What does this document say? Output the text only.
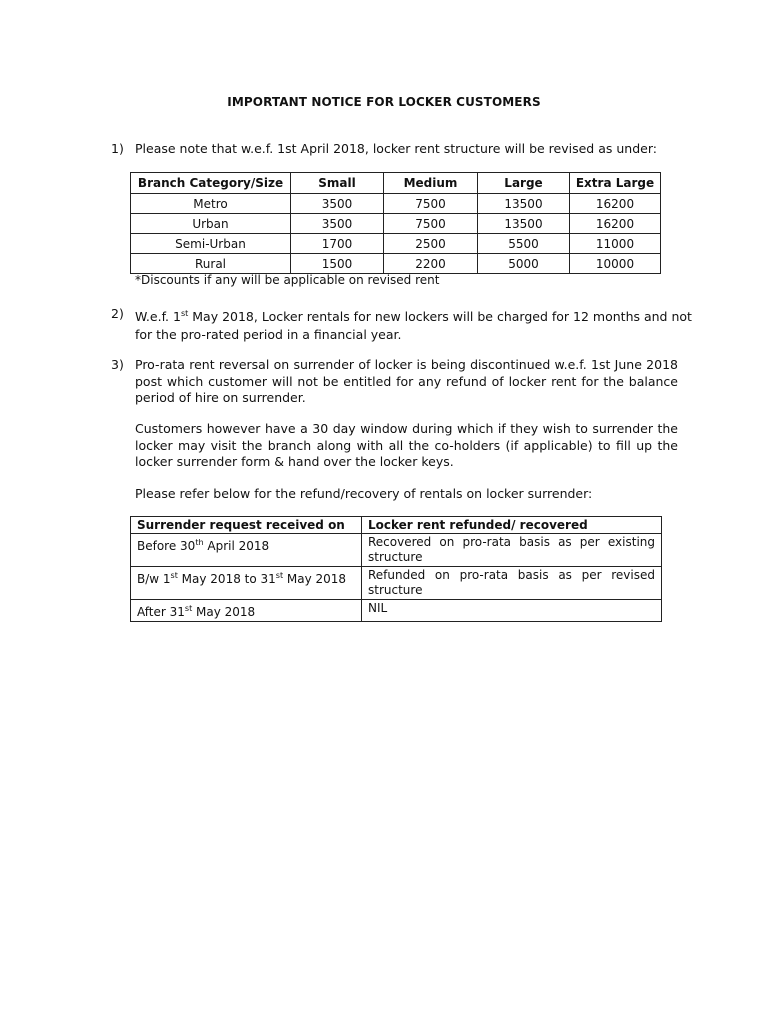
IMPORTANT NOTICE FOR LOCKER CUSTOMERS
1) Please note that w.e.f. 1st April 2018, locker rent structure will be revised as under:
Branch Category/Size	Small	Medium	Large	Extra Large
Metro	3500	7500	13500	16200
Urban	3500	7500	13500	16200
Semi-Urban	1700	2500	5500	11000
Rural	1500	2200	5000	10000
*Discounts if any will be applicable on revised rent
2) W.e.f. 1st May 2018, Locker rentals for new lockers will be charged for 12 months and not
for the pro-rated period in a financial year.
3) Pro-rata rent reversal on surrender of locker is being discontinued w.e.f. 1st June 2018 post which customer will not be entitled for any refund of locker rent for the balance period of hire on surrender.
Customers however have a 30 day window during which if they wish to surrender the locker may visit the branch along with all the co-holders (if applicable) to fill up the locker surrender form & hand over the locker keys.
Please refer below for the refund/recovery of rentals on locker surrender:
Surrender request received on	Locker rent refunded/ recovered
Before 30th April 2018	Recovered on pro-rata basis as per existing structure
B/w 1st May 2018 to 31st May 2018	Refunded on pro-rata basis as per revised structure
After 31st May 2018	NIL
